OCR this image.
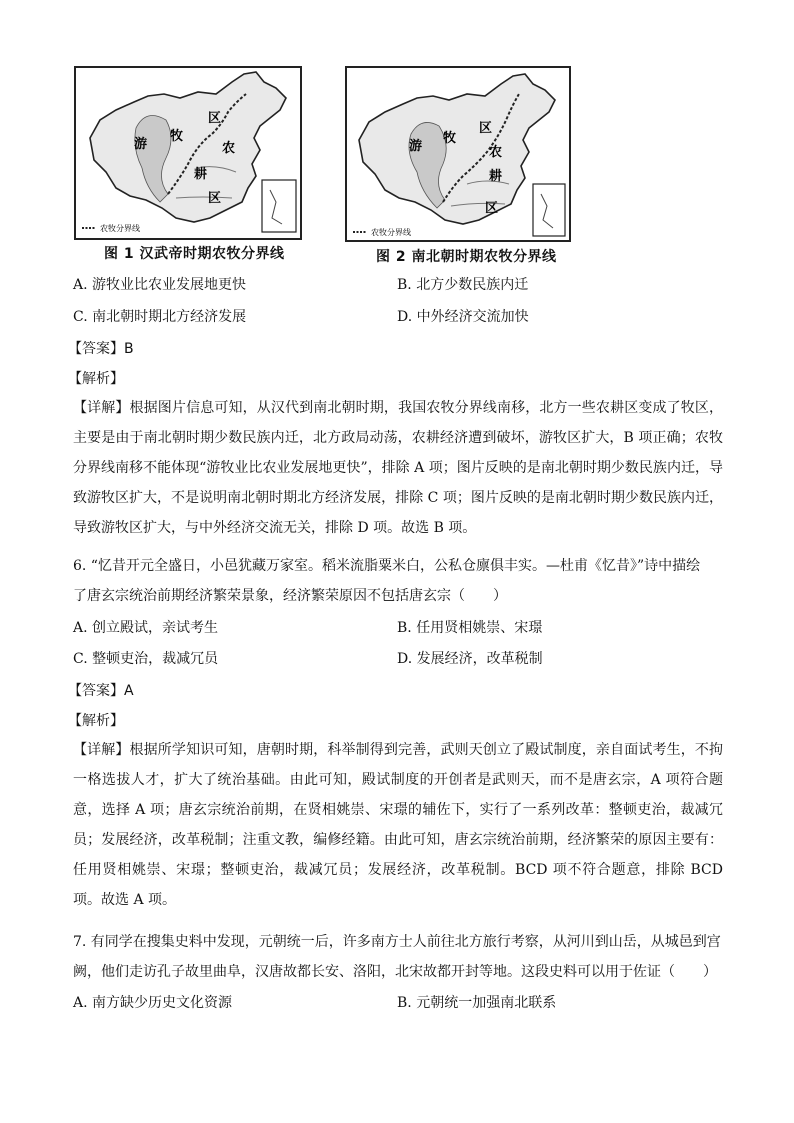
农牧分界线
游
牧
区
农
耕
区
图 1 汉武帝时期农牧分界线
农牧分界线
游
牧
区
农
耕
区
图 2 南北朝时期农牧分界线
A. 游牧业比农业发展地更快	B. 北方少数民族内迁
C. 南北朝时期北方经济发展	D. 中外经济交流加快
【答案】B
【解析】
【详解】根据图片信息可知，从汉代到南北朝时期，我国农牧分界线南移，北方一些农耕区变成了牧区，主要是由于南北朝时期少数民族内迁，北方政局动荡，农耕经济遭到破坏，游牧区扩大，B 项正确；农牧分界线南移不能体现“游牧业比农业发展地更快”，排除 A 项；图片反映的是南北朝时期少数民族内迁，导致游牧区扩大，不是说明南北朝时期北方经济发展，排除 C 项；图片反映的是南北朝时期少数民族内迁，导致游牧区扩大，与中外经济交流无关，排除 D 项。故选 B 项。
6. “忆昔开元全盛日，小邑犹藏万家室。稻米流脂粟米白，公私仓廪俱丰实。—杜甫《忆昔》”诗中描绘
了唐玄宗统治前期经济繁荣景象，经济繁荣原因不包括唐玄宗（　　）
A. 创立殿试，亲试考生	B. 任用贤相姚崇、宋璟
C. 整顿吏治，裁减冗员	D. 发展经济，改革税制
【答案】A
【解析】
【详解】根据所学知识可知，唐朝时期，科举制得到完善，武则天创立了殿试制度，亲自面试考生，不拘一格选拔人才，扩大了统治基础。由此可知，殿试制度的开创者是武则天，而不是唐玄宗，A 项符合题意，选择 A 项；唐玄宗统治前期，在贤相姚崇、宋璟的辅佐下，实行了一系列改革：整顿吏治，裁减冗员；发展经济，改革税制；注重文教，编修经籍。由此可知，唐玄宗统治前期，经济繁荣的原因主要有：任用贤相姚崇、宋璟；整顿吏治，裁减冗员；发展经济，改革税制。BCD 项不符合题意，排除 BCD 项。故选 A 项。
7. 有同学在搜集史料中发现，元朝统一后，许多南方士人前往北方旅行考察，从河川到山岳，从城邑到宫
阙，他们走访孔子故里曲阜，汉唐故都长安、洛阳，北宋故都开封等地。这段史料可以用于佐证（　　）
A. 南方缺少历史文化资源	B. 元朝统一加强南北联系
